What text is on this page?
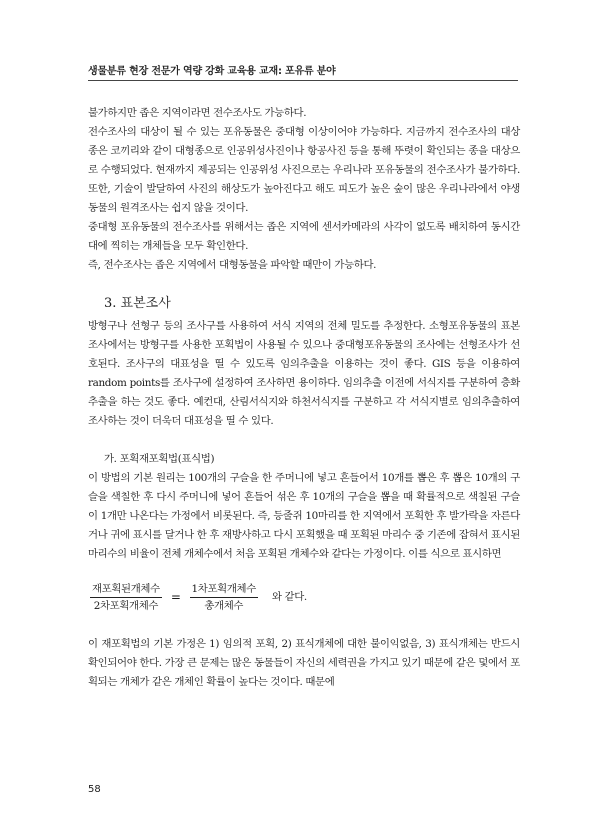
생물분류 현장 전문가 역량 강화 교육용 교재: 포유류 분야

불가하지만 좁은 지역이라면 전수조사도 가능하다.

전수조사의 대상이 될 수 있는 포유동물은 중대형 이상이어야 가능하다. 지금까지 전수조사의 대상종은 코끼리와 같이 대형종으로 인공위성사진이나 항공사진 등을 통해 뚜렷이 확인되는 종을 대상으로 수행되었다. 현재까지 제공되는 인공위성 사진으로는 우리나라 포유동물의 전수조사가 불가하다. 또한, 기술이 발달하여 사진의 해상도가 높아진다고 해도 피도가 높은 숲이 많은 우리나라에서 야생동물의 원격조사는 쉽지 않을 것이다.

중대형 포유동물의 전수조사를 위해서는 좁은 지역에 센서카메라의 사각이 없도록 배치하여 동시간대에 찍히는 개체들을 모두 확인한다.

즉, 전수조사는 좁은 지역에서 대형동물을 파악할 때만이 가능하다.

3. 표본조사

방형구나 선형구 등의 조사구를 사용하여 서식 지역의 전체 밀도를 추정한다. 소형포유동물의 표본조사에서는 방형구를 사용한 포획법이 사용될 수 있으나 중대형포유동물의 조사에는 선형조사가 선호된다. 조사구의 대표성을 띨 수 있도록 임의추출을 이용하는 것이 좋다. GIS 등을 이용하여 random points를 조사구에 설정하여 조사하면 용이하다. 임의추출 이전에 서식지를 구분하여 층화추출을 하는 것도 좋다. 예컨대, 산림서식지와 하천서식지를 구분하고 각 서식지별로 임의추출하여 조사하는 것이 더욱더 대표성을 띨 수 있다.

가. 포획재포획법(표식법)

이 방법의 기본 원리는 100개의 구슬을 한 주머니에 넣고 흔들어서 10개를 뽑은 후 뽑은 10개의 구슬을 색칠한 후 다시 주머니에 넣어 흔들어 섞은 후 10개의 구슬을 뽑을 때 확률적으로 색칠된 구슬이 1개만 나온다는 가정에서 비롯된다. 즉, 등줄쥐 10마리를 한 지역에서 포획한 후 발가락을 자른다거나 귀에 표시를 달거나 한 후 재방사하고 다시 포획했을 때 포획된 마리수 중 기존에 잡혀서 표시된 마리수의 비율이 전체 개체수에서 처음 포획된 개체수와 같다는 가정이다. 이를 식으로 표시하면

$\frac{\text{재포획된개체수}}{\text{2차포획개체수}} = \frac{\text{1차포획개체수}}{\text{총개체수}}$ 와 같다.

이 재포획법의 기본 가정은 1) 임의적 포획, 2) 표식개체에 대한 불이익없음, 3) 표식개체는 반드시 확인되어야 한다. 가장 큰 문제는 많은 동물들이 자신의 세력권을 가지고 있기 때문에 같은 덫에서 포획되는 개체가 같은 개체인 확률이 높다는 것이다. 때문에

58
